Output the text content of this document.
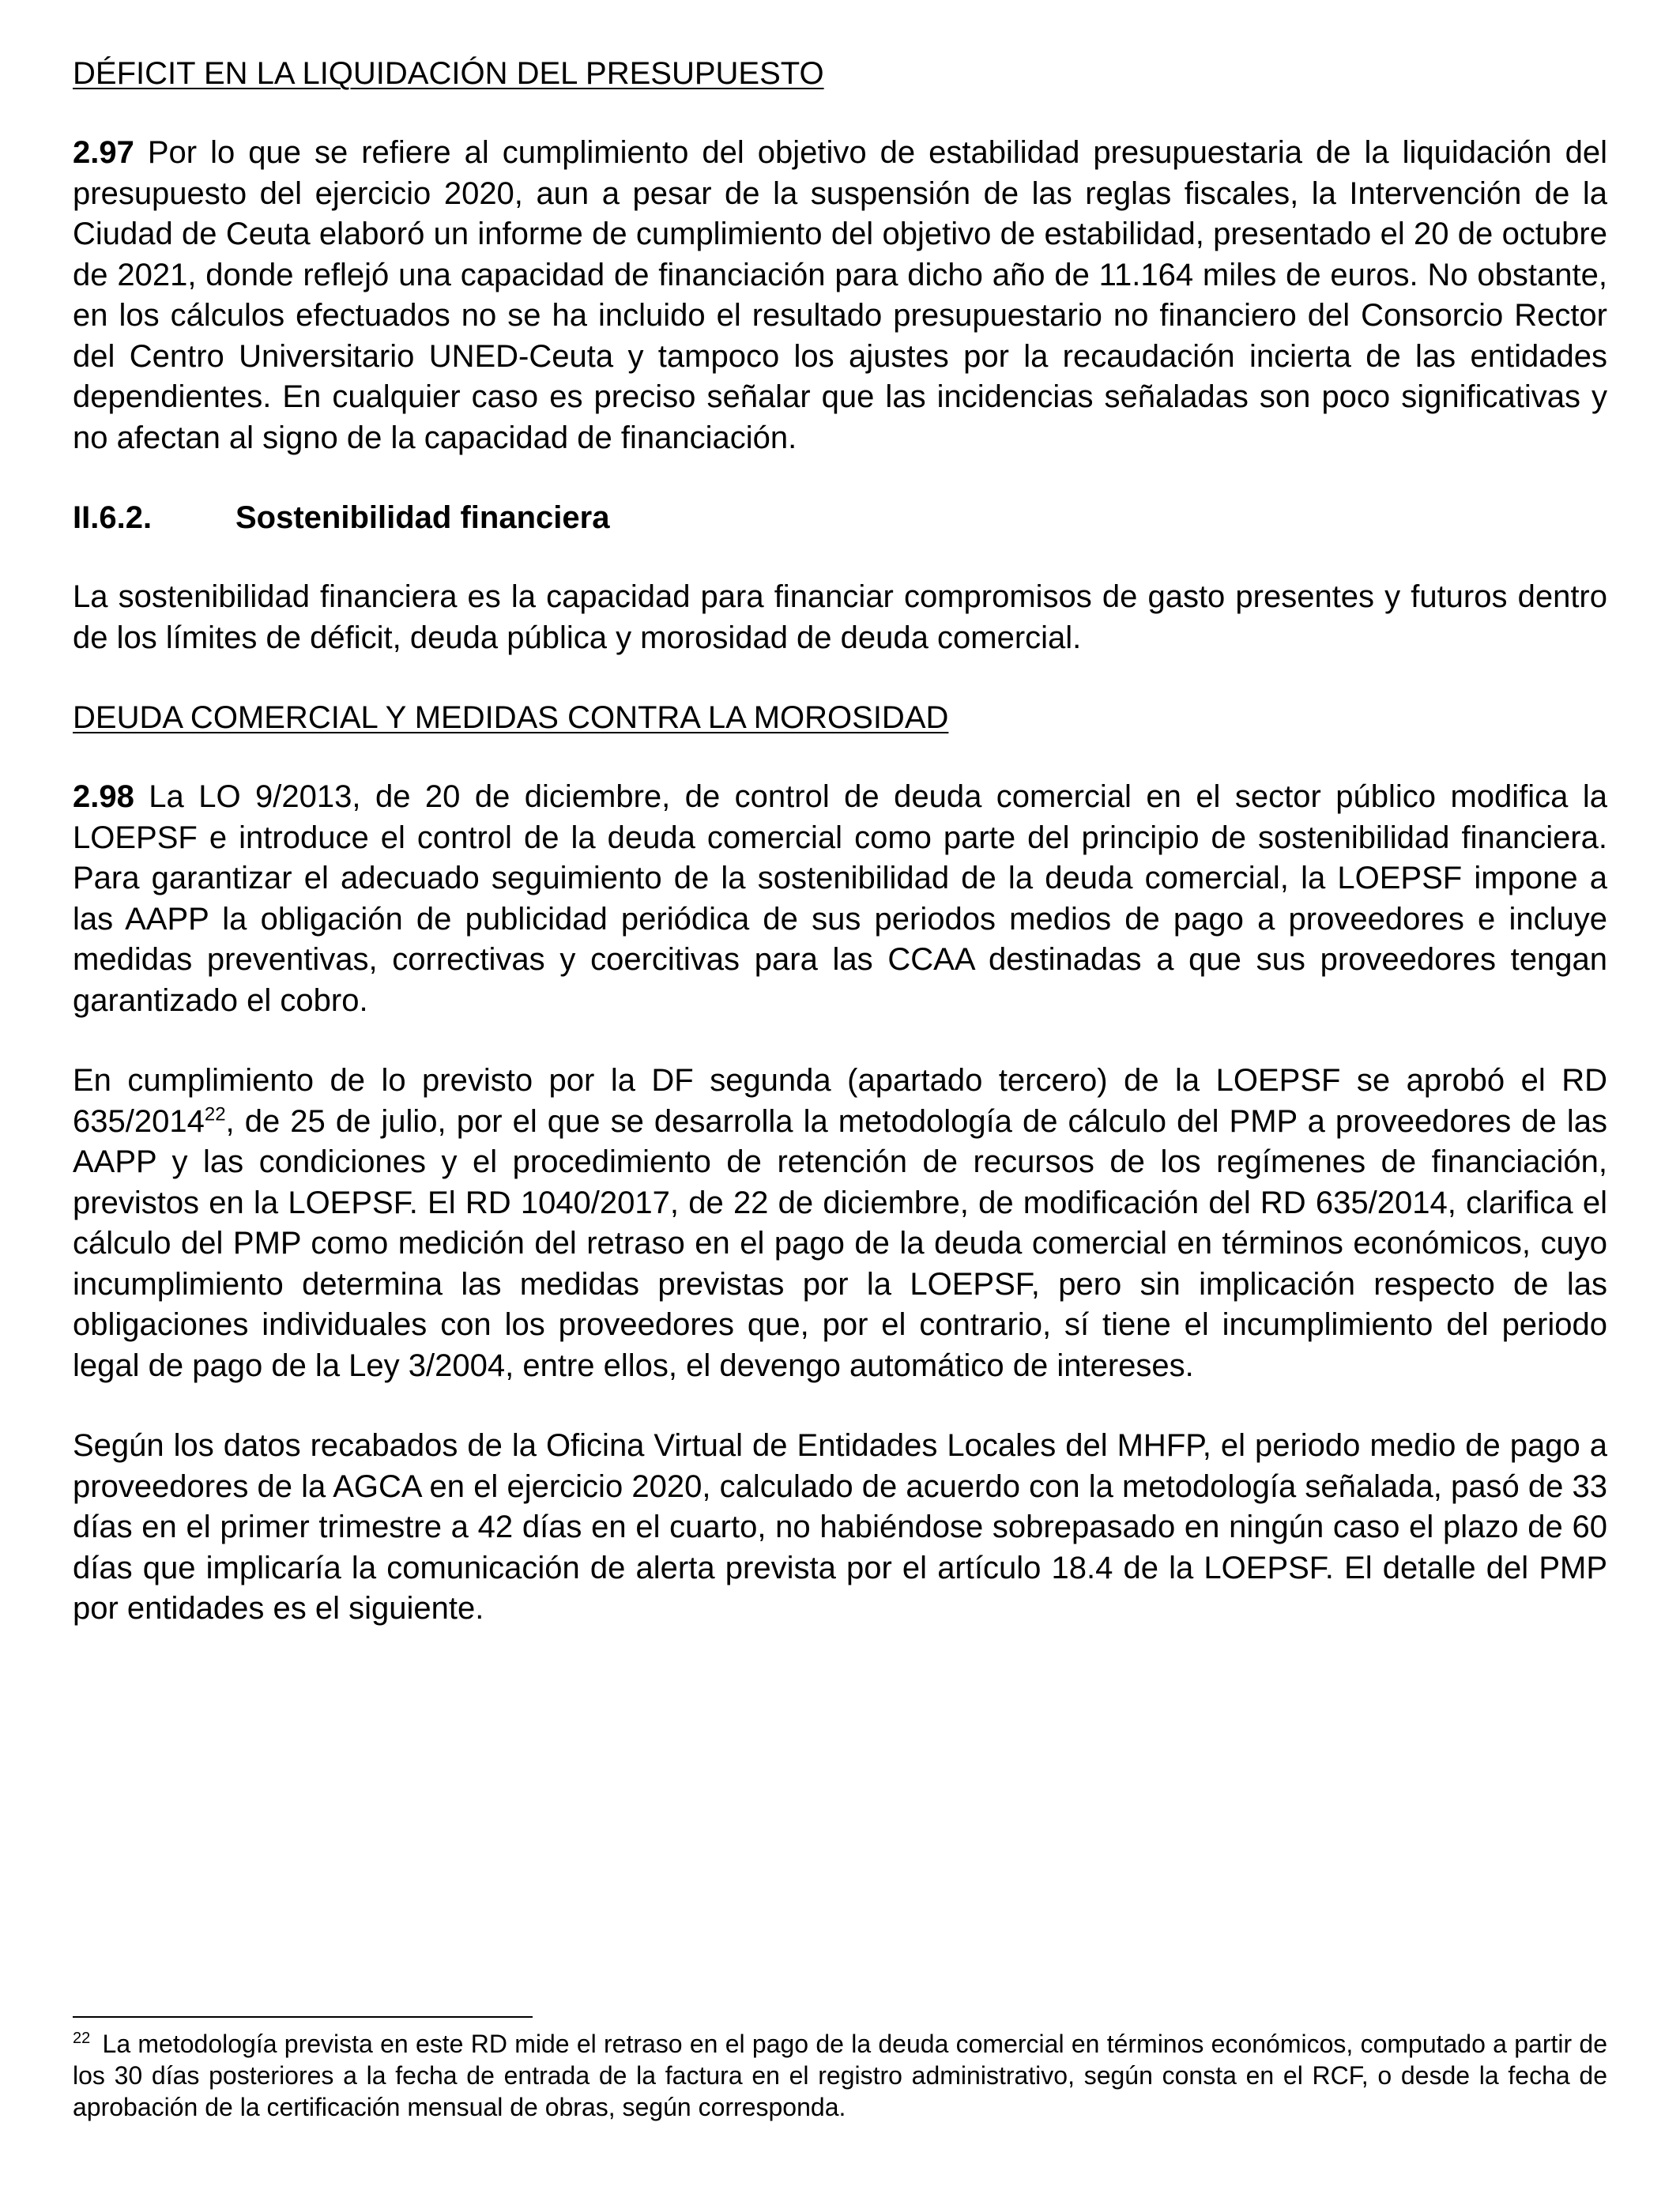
DÉFICIT EN LA LIQUIDACIÓN DEL PRESUPUESTO

2.97 Por lo que se refiere al cumplimiento del objetivo de estabilidad presupuestaria de la liquidación del presupuesto del ejercicio 2020, aun a pesar de la suspensión de las reglas fiscales, la Intervención de la Ciudad de Ceuta elaboró un informe de cumplimiento del objetivo de estabilidad, presentado el 20 de octubre de 2021, donde reflejó una capacidad de financiación para dicho año de 11.164 miles de euros. No obstante, en los cálculos efectuados no se ha incluido el resultado presupuestario no financiero del Consorcio Rector del Centro Universitario UNED-Ceuta y tampoco los ajustes por la recaudación incierta de las entidades dependientes. En cualquier caso es preciso señalar que las incidencias señaladas son poco significativas y no afectan al signo de la capacidad de financiación.

II.6.2.	Sostenibilidad financiera

La sostenibilidad financiera es la capacidad para financiar compromisos de gasto presentes y futuros dentro de los límites de déficit, deuda pública y morosidad de deuda comercial.

DEUDA COMERCIAL Y MEDIDAS CONTRA LA MOROSIDAD

2.98 La LO 9/2013, de 20 de diciembre, de control de deuda comercial en el sector público modifica la LOEPSF e introduce el control de la deuda comercial como parte del principio de sostenibilidad financiera. Para garantizar el adecuado seguimiento de la sostenibilidad de la deuda comercial, la LOEPSF impone a las AAPP la obligación de publicidad periódica de sus periodos medios de pago a proveedores e incluye medidas preventivas, correctivas y coercitivas para las CCAA destinadas a que sus proveedores tengan garantizado el cobro.

En cumplimiento de lo previsto por la DF segunda (apartado tercero) de la LOEPSF se aprobó el RD 635/2014$^{22}$, de 25 de julio, por el que se desarrolla la metodología de cálculo del PMP a proveedores de las AAPP y las condiciones y el procedimiento de retención de recursos de los regímenes de financiación, previstos en la LOEPSF. El RD 1040/2017, de 22 de diciembre, de modificación del RD 635/2014, clarifica el cálculo del PMP como medición del retraso en el pago de la deuda comercial en términos económicos, cuyo incumplimiento determina las medidas previstas por la LOEPSF, pero sin implicación respecto de las obligaciones individuales con los proveedores que, por el contrario, sí tiene el incumplimiento del periodo legal de pago de la Ley 3/2004, entre ellos, el devengo automático de intereses.

Según los datos recabados de la Oficina Virtual de Entidades Locales del MHFP, el periodo medio de pago a proveedores de la AGCA en el ejercicio 2020, calculado de acuerdo con la metodología señalada, pasó de 33 días en el primer trimestre a 42 días en el cuarto, no habiéndose sobrepasado en ningún caso el plazo de 60 días que implicaría la comunicación de alerta prevista por el artículo 18.4 de la LOEPSF. El detalle del PMP por entidades es el siguiente.

$^{22}$ La metodología prevista en este RD mide el retraso en el pago de la deuda comercial en términos económicos, computado a partir de los 30 días posteriores a la fecha de entrada de la factura en el registro administrativo, según consta en el RCF, o desde la fecha de aprobación de la certificación mensual de obras, según corresponda.
